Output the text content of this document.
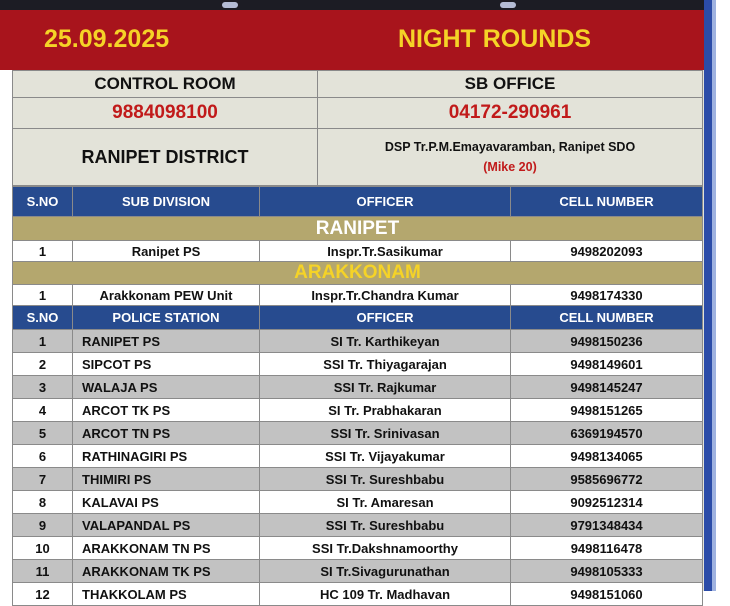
25.09.2025	NIGHT ROUNDS
CONTROL ROOM	SB OFFICE
9884098100	04172-290961
RANIPET DISTRICT	DSP Tr.P.M.Emayavaramban, Ranipet SDO
(Mike 20)
S.NO	SUB DIVISION	OFFICER	CELL NUMBER
RANIPET			
1	Ranipet PS	Inspr.Tr.Sasikumar	9498202093
ARAKKONAM			
1	Arakkonam PEW Unit	Inspr.Tr.Chandra Kumar	9498174330
S.NO	POLICE STATION	OFFICER	CELL NUMBER
1	RANIPET PS	SI Tr. Karthikeyan	9498150236
2	SIPCOT PS	SSI Tr. Thiyagarajan	9498149601
3	WALAJA PS	SSI Tr. Rajkumar	9498145247
4	ARCOT TK PS	SI Tr. Prabhakaran	9498151265
5	ARCOT TN PS	SSI Tr. Srinivasan	6369194570
6	RATHINAGIRI PS	SSI Tr. Vijayakumar	9498134065
7	THIMIRI PS	SSI Tr. Sureshbabu	9585696772
8	KALAVAI PS	SI Tr. Amaresan	9092512314
9	VALAPANDAL PS	SSI Tr. Sureshbabu	9791348434
10	ARAKKONAM TN PS	SSI Tr.Dakshnamoorthy	9498116478
11	ARAKKONAM TK PS	SI Tr.Sivagurunathan	9498105333
12	THAKKOLAM PS	HC 109 Tr. Madhavan	9498151060
